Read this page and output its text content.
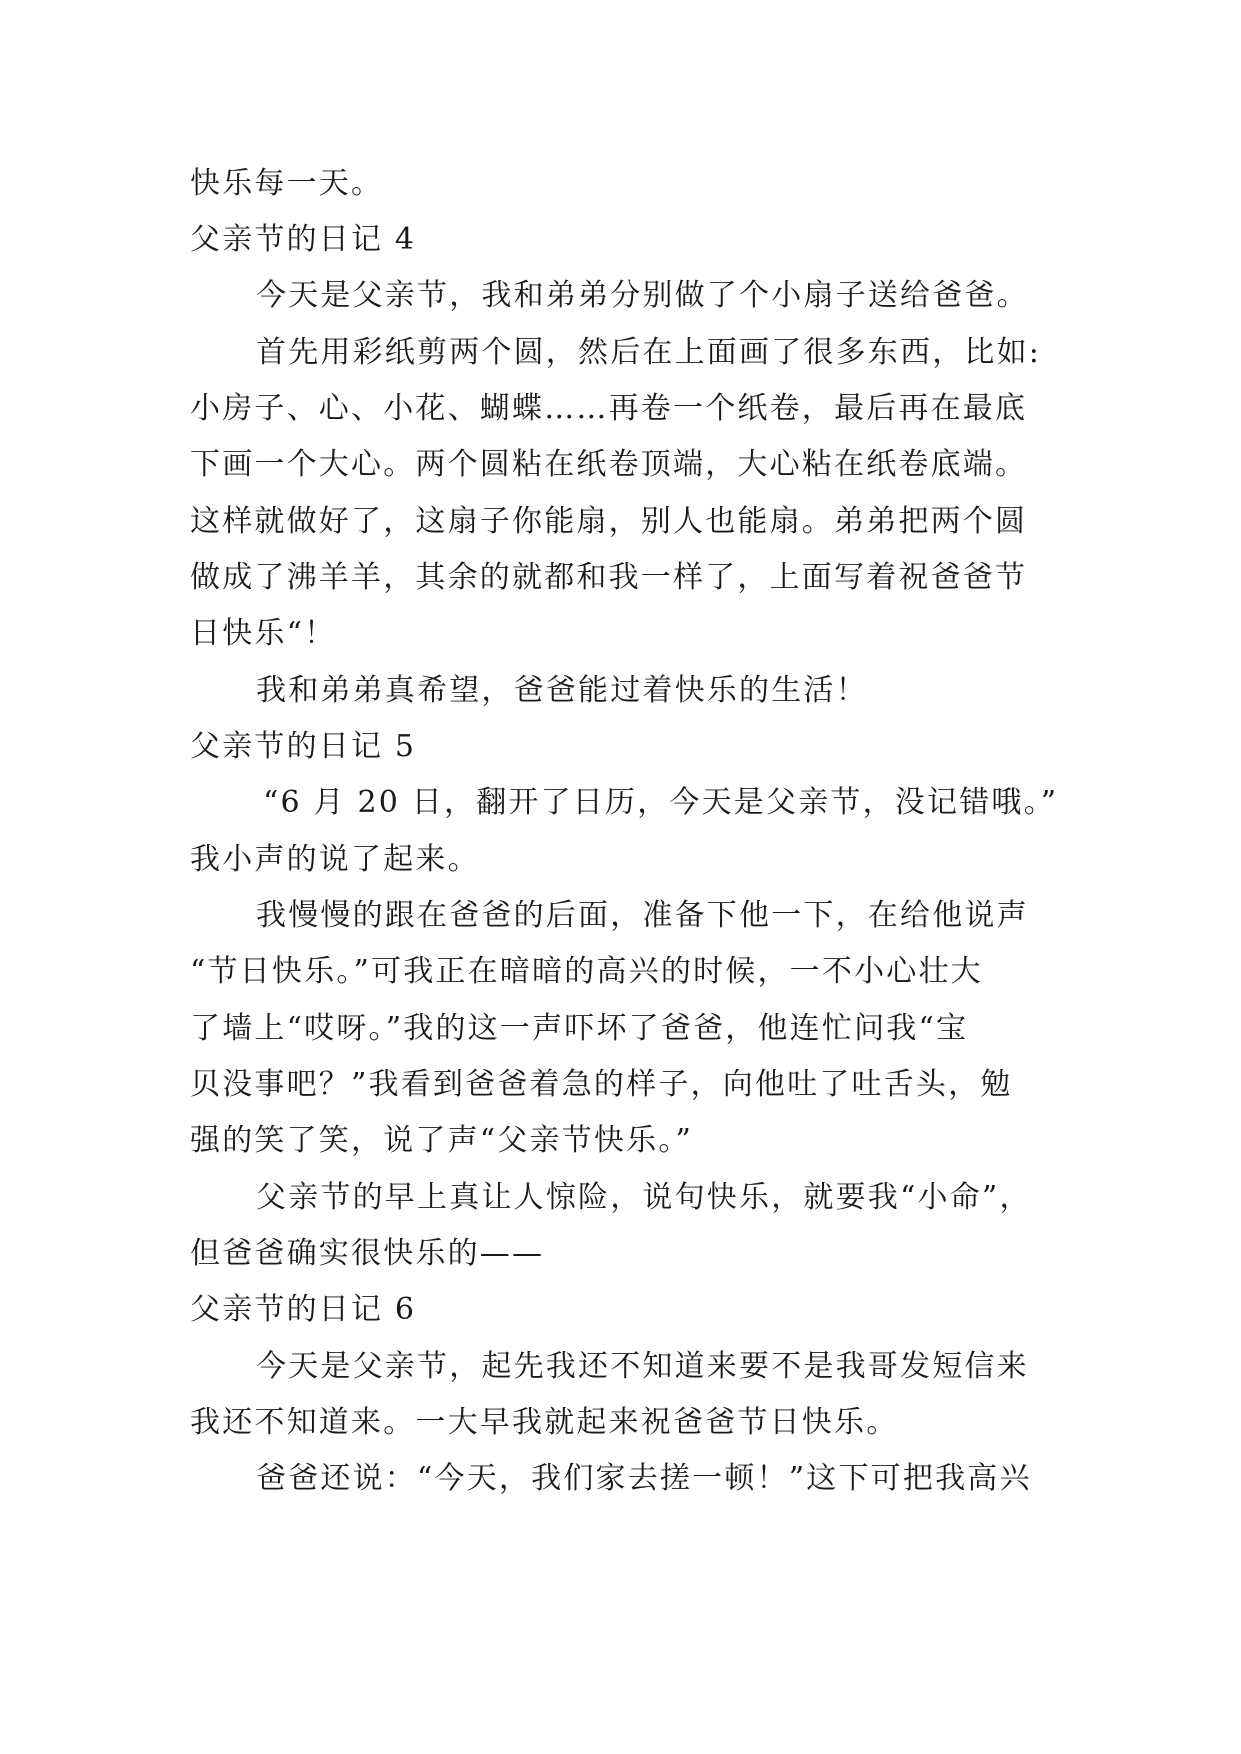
快乐每一天。
父亲节的日记 4
今天是父亲节，我和弟弟分别做了个小扇子送给爸爸。
首先用彩纸剪两个圆，然后在上面画了很多东西，比如:
小房子、心、小花、蝴蝶……再卷一个纸卷，最后再在最底
下画一个大心。两个圆粘在纸卷顶端，大心粘在纸卷底端。
这样就做好了，这扇子你能扇，别人也能扇。弟弟把两个圆
做成了沸羊羊，其余的就都和我一样了，上面写着祝爸爸节
日快乐“！
我和弟弟真希望，爸爸能过着快乐的生活！
父亲节的日记 5
“6 月 20 日，翻开了日历，今天是父亲节，没记错哦。”
我小声的说了起来。
我慢慢的跟在爸爸的后面，准备下他一下，在给他说声
“节日快乐。”可我正在暗暗的高兴的时候，一不小心壮大
了墙上“哎呀。”我的这一声吓坏了爸爸，他连忙问我“宝
贝没事吧？”我看到爸爸着急的样子，向他吐了吐舌头，勉
强的笑了笑，说了声“父亲节快乐。”
父亲节的早上真让人惊险，说句快乐，就要我“小命”，
但爸爸确实很快乐的——
父亲节的日记 6
今天是父亲节，起先我还不知道来要不是我哥发短信来
我还不知道来。一大早我就起来祝爸爸节日快乐。
爸爸还说：“今天，我们家去搓一顿！”这下可把我高兴
